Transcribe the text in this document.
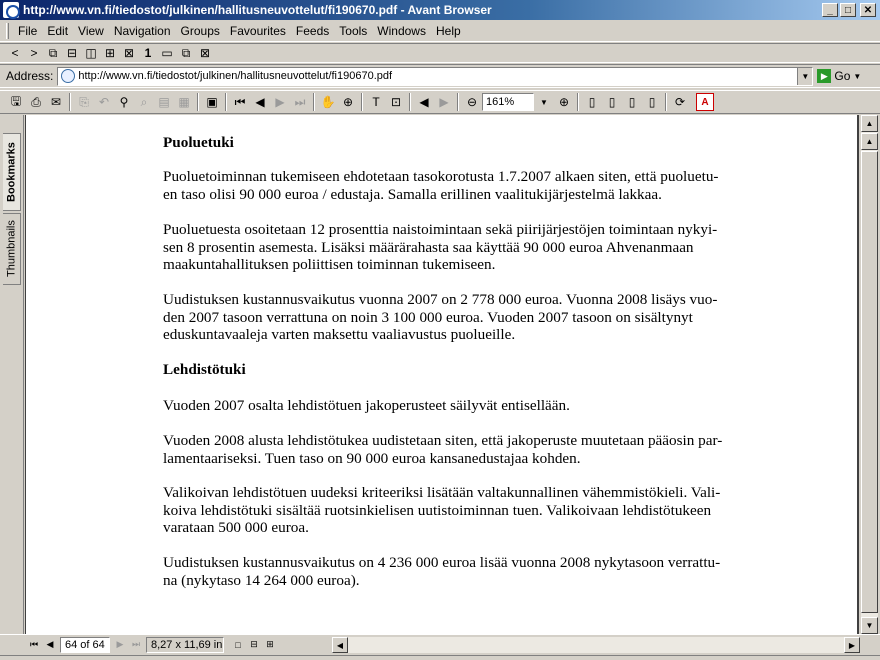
http://www.vn.fi/tiedostot/julkinen/hallitusneuvottelut/fi190670.pdf - Avant Browser	_	□	✕
File Edit View Navigation Groups Favourites Feeds Tools Windows Help
< > ⧉ ⊟ ◫ ⊞ ⊠ 1 ▭ ⧉ ⊠
Address: http://www.vn.fi/tiedostot/julkinen/hallitusneuvottelut/fi190670.pdf	▼	▶ Go ▼
🖫 ⎙ ✉	⎘ ↶ ⚲	⌕ ▤ ▦	▣	⏮ ◀ ▶ ⏭	✋ ⊕	T ⊡	◀ ▶	⊖ 161%	▼ ⊕	▯	▯	▯	▯	⟳	A
Bookmarks
Thumbnails
Puoluetuki

Puoluetoiminnan tukemiseen ehdotetaan tasokorotusta 1.7.2007 alkaen siten, että puoluetu-

en taso olisi 90 000 euroa / edustaja. Samalla erillinen vaalitukijärjestelmä lakkaa.

Puoluetuesta osoitetaan 12 prosenttia naistoimintaan sekä piirijärjestöjen toimintaan nykyi-

sen 8 prosentin asemesta. Lisäksi määrärahasta saa käyttää 90 000 euroa Ahvenanmaan

maakuntahallituksen poliittisen toiminnan tukemiseen.

Uudistuksen kustannusvaikutus vuonna 2007 on 2 778 000 euroa. Vuonna 2008 lisäys vuo-

den 2007 tasoon verrattuna on noin 3 100 000 euroa. Vuoden 2007 tasoon on sisältynyt

eduskuntavaaleja varten maksettu vaaliavustus puolueille.

Lehdistötuki

Vuoden 2007 osalta lehdistötuen jakoperusteet säilyvät entisellään.

Vuoden 2008 alusta lehdistötukea uudistetaan siten, että jakoperuste muutetaan pääosin par-

lamentaariseksi. Tuen taso on 90 000 euroa kansanedustajaa kohden.

Valikoivan lehdistötuen uudeksi kriteeriksi lisätään valtakunnallinen vähemmistökieli. Vali-

koiva lehdistötuki sisältää ruotsinkielisen uutistoiminnan tuen. Valikoivaan lehdistötukeen

varataan 500 000 euroa.

Uudistuksen kustannusvaikutus on 4 236 000 euroa lisää vuonna 2008 nykytasoon verrattu-

na (nykytaso 14 264 000 euroa).

▲
▲
▼
⏮ ◀	64 of 64	▶ ⏭ 8,27 x 11,69 in	□	⊟ ⊞	◀	▶
